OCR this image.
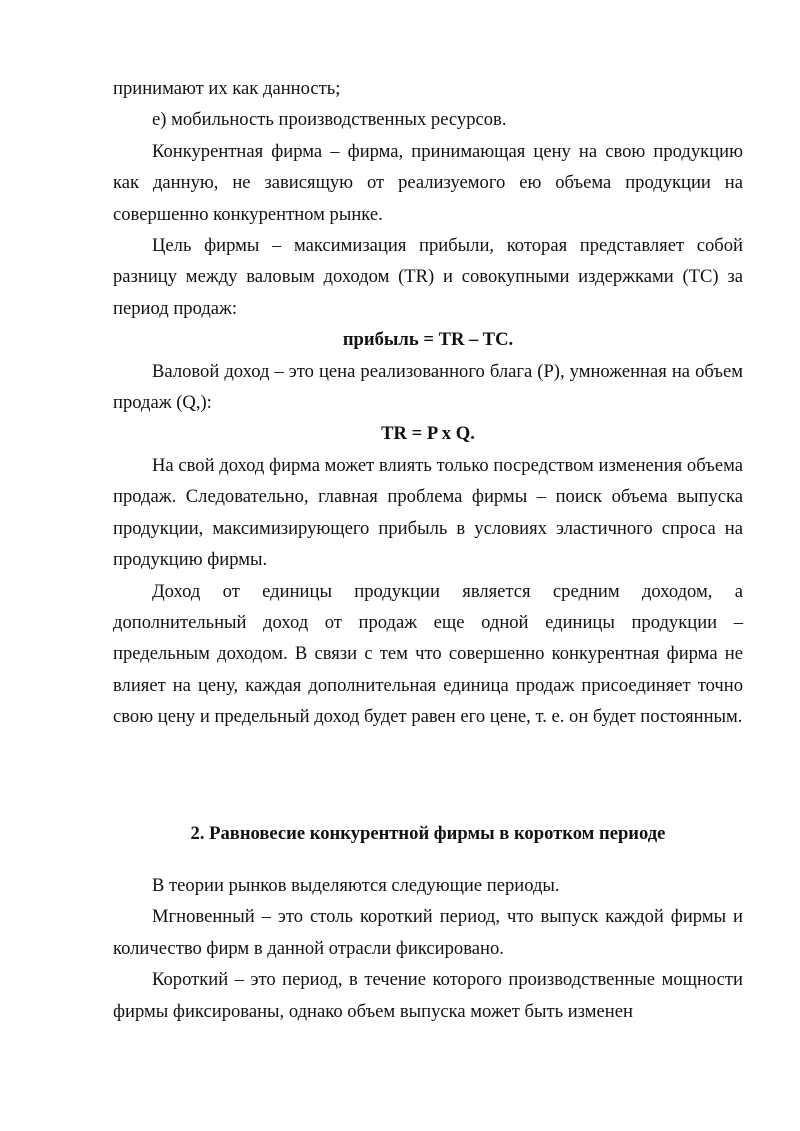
принимают их как данность;

е) мобильность производственных ресурсов.

Конкурентная фирма – фирма, принимающая цену на свою продукцию как данную, не зависящую от реализуемого ею объема продукции на совершенно конкурентном рынке.

Цель фирмы – максимизация прибыли, которая представляет собой разницу между валовым доходом (TR) и совокупными издержками (TC) за период продаж:

прибыль = TR – TC.

Валовой доход – это цена реализованного блага (P), умноженная на объем продаж (Q,):

TR = P x Q.

На свой доход фирма может влиять только посредством изменения объема продаж. Следовательно, главная проблема фирмы – поиск объема выпуска продукции, максимизирующего прибыль в условиях эластичного спроса на продукцию фирмы.

Доход от единицы продукции является средним доходом, а дополнительный доход от продаж еще одной единицы продукции – предельным доходом. В связи с тем что совершенно конкурентная фирма не влияет на цену, каждая дополнительная единица продаж присоединяет точно свою цену и предельный доход будет равен его цене, т. е. он будет постоянным.

2. Равновесие конкурентной фирмы в коротком периоде

В теории рынков выделяются следующие периоды.

Мгновенный – это столь короткий период, что выпуск каждой фирмы и количество фирм в данной отрасли фиксировано.

Короткий – это период, в течение которого производственные мощности фирмы фиксированы, однако объем выпуска может быть изменен
